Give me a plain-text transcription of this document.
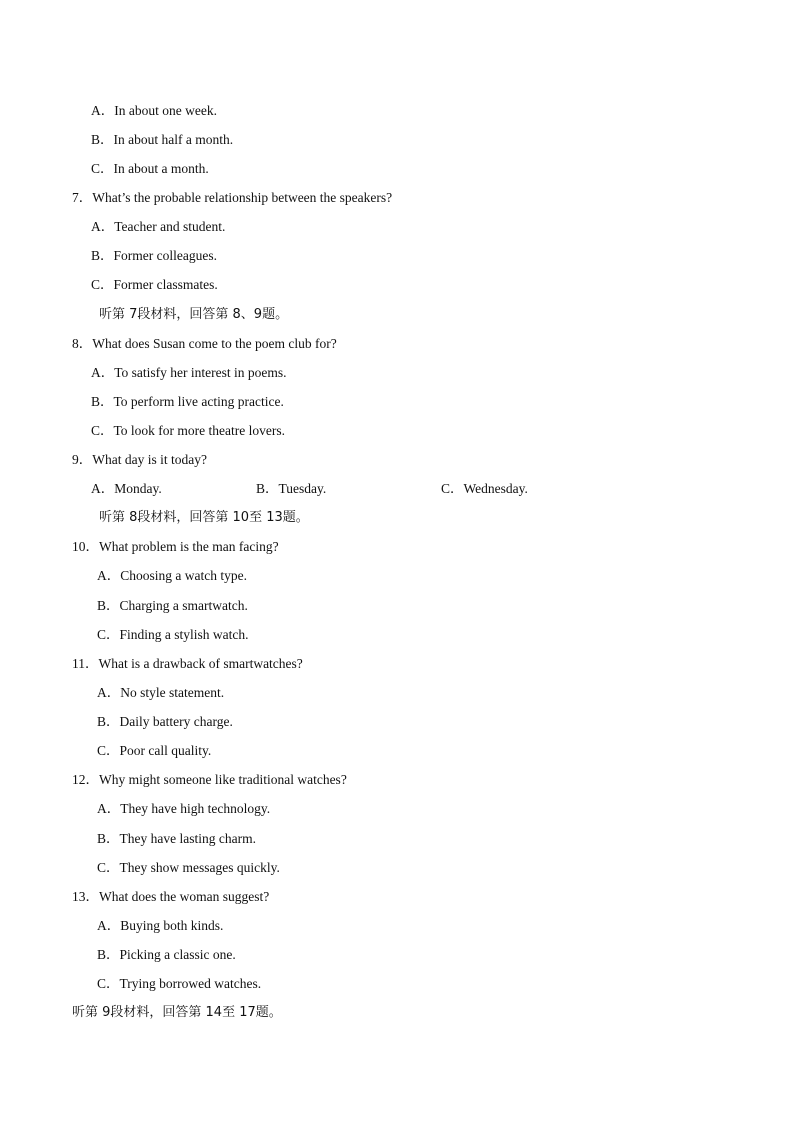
A．In about one week.
B．In about half a month.
C．In about a month.
7．What’s the probable relationship between the speakers?
A．Teacher and student.
B．Former colleagues.
C．Former classmates.
听第 7段材料，回答第 8、9题。
8．What does Susan come to the poem club for?
A．To satisfy her interest in poems.
B．To perform live acting practice.
C．To look for more theatre lovers.
9．What day is it today?
A．Monday.	B．Tuesday.	C．Wednesday.
听第 8段材料，回答第 10至 13题。
10．What problem is the man facing?
A．Choosing a watch type.
B．Charging a smartwatch.
C．Finding a stylish watch.
11．What is a drawback of smartwatches?
A．No style statement.
B．Daily battery charge.
C．Poor call quality.
12．Why might someone like traditional watches?
A．They have high technology.
B．They have lasting charm.
C．They show messages quickly.
13．What does the woman suggest?
A．Buying both kinds.
B．Picking a classic one.
C．Trying borrowed watches.
听第 9段材料，回答第 14至 17题。
